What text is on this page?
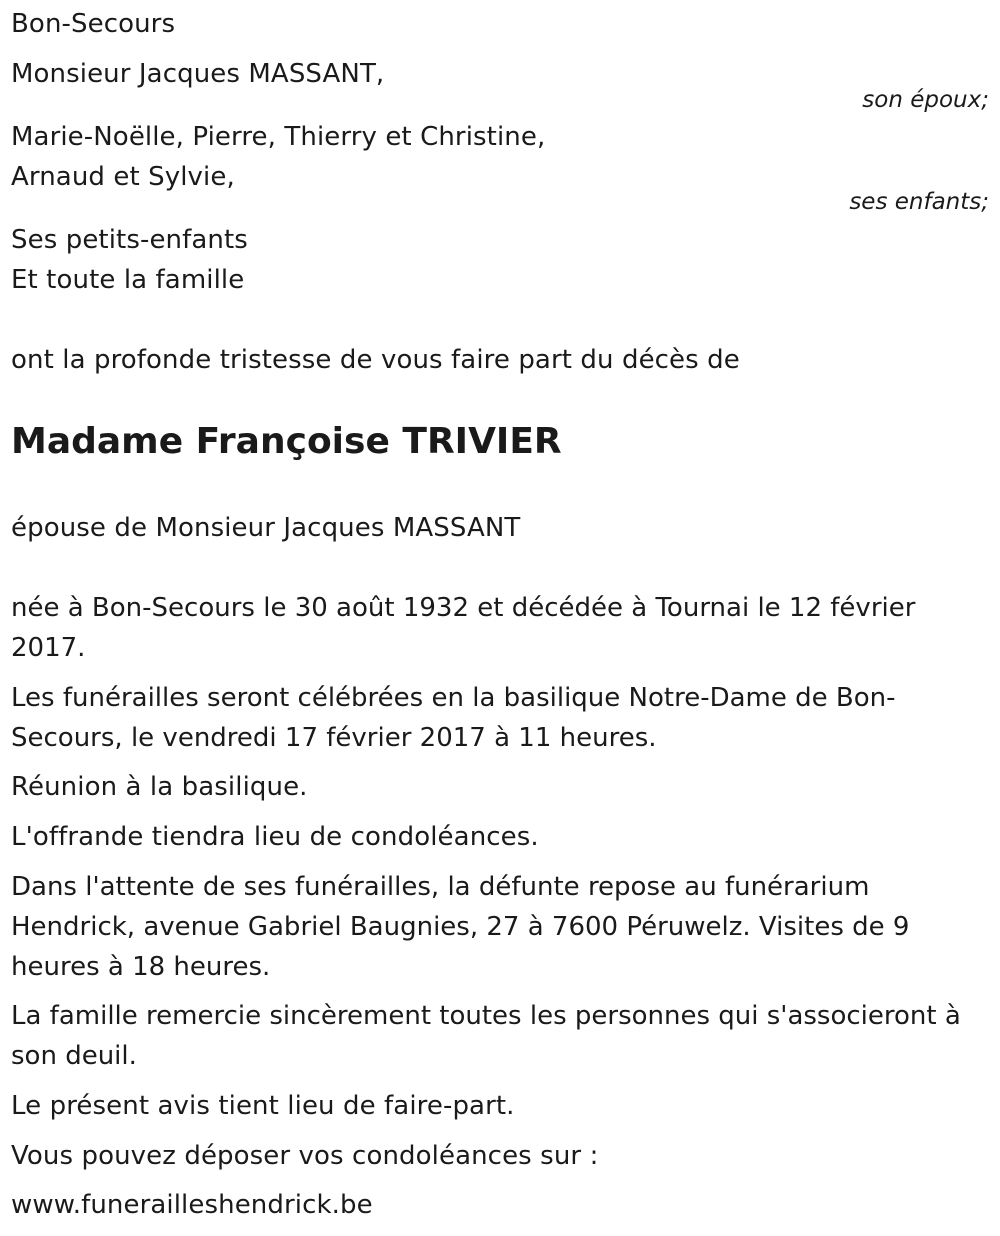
Bon-Secours
Monsieur Jacques MASSANT,
son époux;
Marie-Noëlle, Pierre, Thierry et Christine,
Arnaud et Sylvie,
ses enfants;
Ses petits-enfants
Et toute la famille
ont la profonde tristesse de vous faire part du décès de
Madame Françoise TRIVIER
épouse de Monsieur Jacques MASSANT
née à Bon-Secours le 30 août 1932 et décédée à Tournai le 12 février 2017.
Les funérailles seront célébrées en la basilique Notre-Dame de Bon-Secours, le vendredi 17 février 2017 à 11 heures.
Réunion à la basilique.
L'offrande tiendra lieu de condoléances.
Dans l'attente de ses funérailles, la défunte repose au funérarium Hendrick, avenue Gabriel Baugnies, 27 à 7600 Péruwelz. Visites de 9 heures à 18 heures.
La famille remercie sincèrement toutes les personnes qui s'associeront à son deuil.
Le présent avis tient lieu de faire-part.
Vous pouvez déposer vos condoléances sur :
www.funerailleshendrick.be
